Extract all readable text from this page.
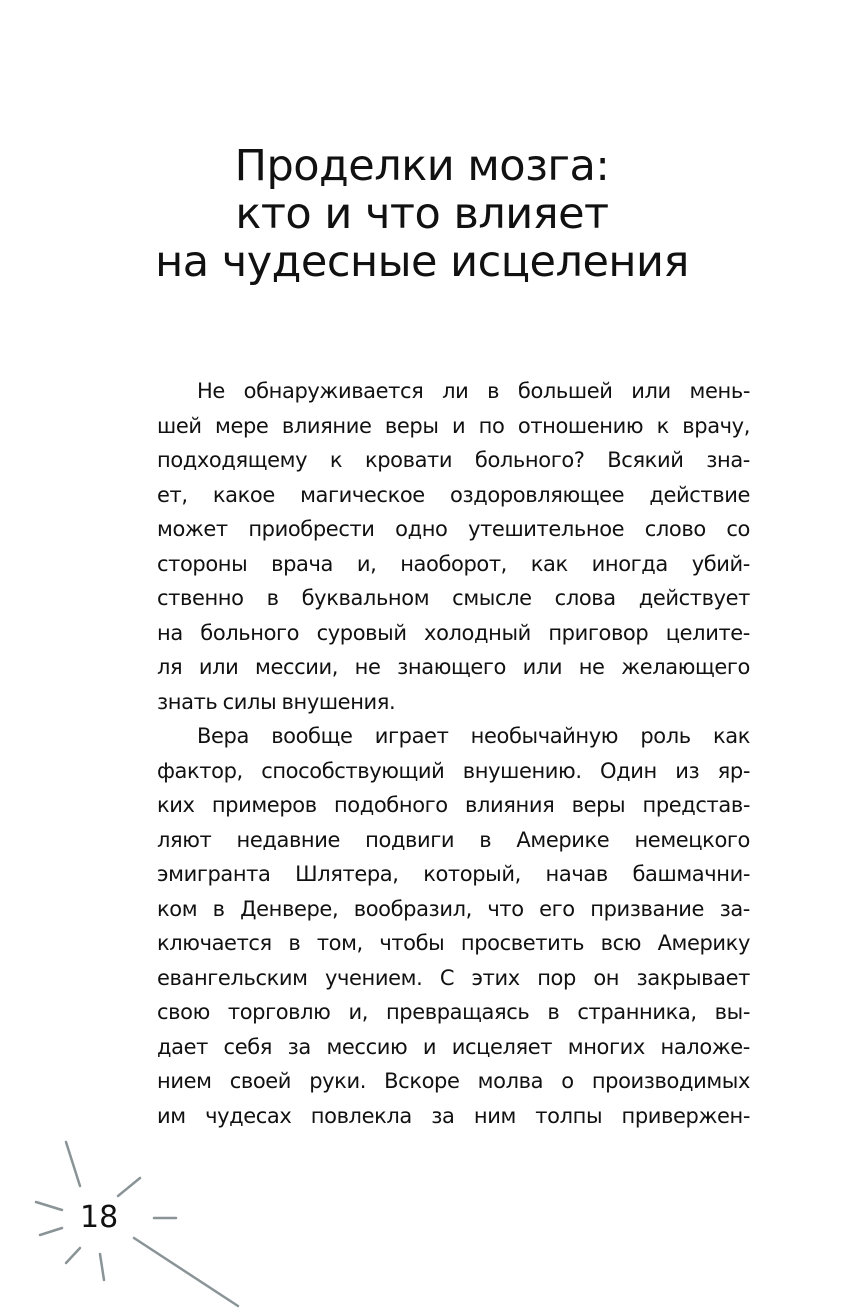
Проделки мозга:
кто и что влияет
на чудесные исцеления

Не обнаруживается ли в большей или мень-
шей мере влияние веры и по отношению к врачу,
подходящему к кровати больного? Всякий зна-
ет, какое магическое оздоровляющее действие
может приобрести одно утешительное слово со
стороны врача и, наоборот, как иногда убий-
ственно в буквальном смысле слова действует
на больного суровый холодный приговор целите-
ля или мессии, не знающего или не желающего
знать силы внушения.

Вера вообще играет необычайную роль как
фактор, способствующий внушению. Один из яр-
ких примеров подобного влияния веры представ-
ляют недавние подвиги в Америке немецкого
эмигранта Шлятера, который, начав башмачни-
ком в Денвере, вообразил, что его призвание за-
ключается в том, чтобы просветить всю Америку
евангельским учением. С этих пор он закрывает
свою торговлю и, превращаясь в странника, вы-
дает себя за мессию и исцеляет многих наложе-
нием своей руки. Вскоре молва о производимых
им чудесах повлекла за ним толпы привержен-

18
